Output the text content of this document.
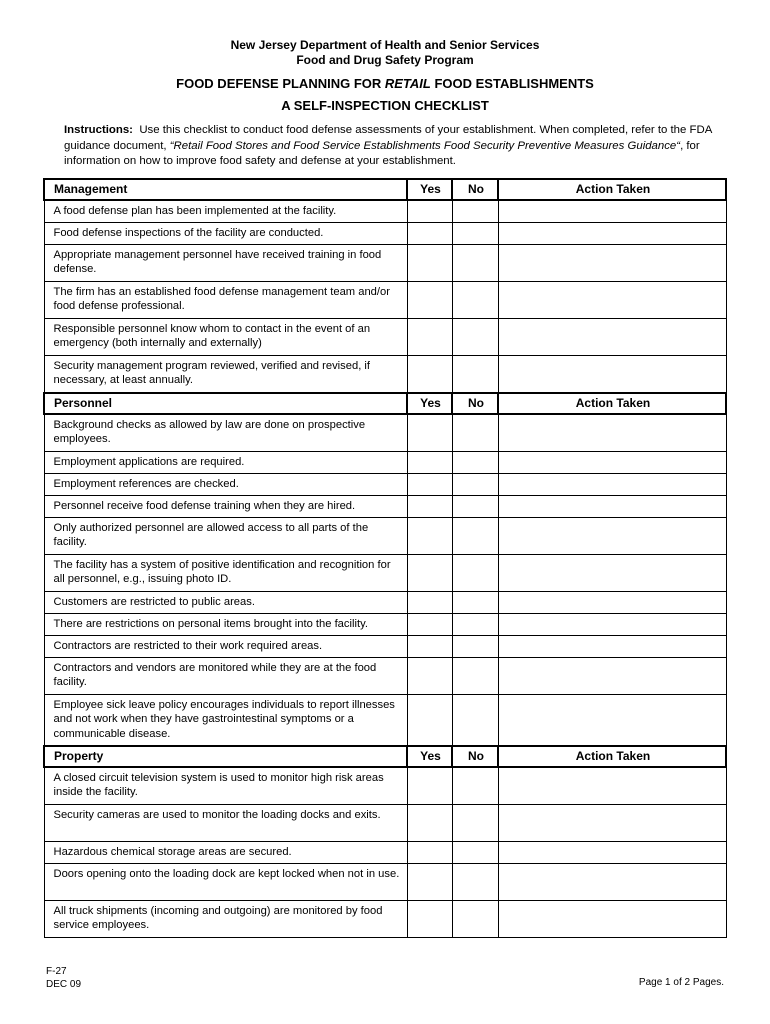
New Jersey Department of Health and Senior Services
Food and Drug Safety Program
FOOD DEFENSE PLANNING FOR RETAIL FOOD ESTABLISHMENTS
A SELF-INSPECTION CHECKLIST
Instructions: Use this checklist to conduct food defense assessments of your establishment. When completed, refer to the FDA guidance document, “Retail Food Stores and Food Service Establishments Food Security Preventive Measures Guidance“, for information on how to improve food safety and defense at your establishment.
Management	Yes	No	Action Taken
A food defense plan has been implemented at the facility.			
Food defense inspections of the facility are conducted.			
Appropriate management personnel have received training in food defense.			
The firm has an established food defense management team and/or food defense professional.			
Responsible personnel know whom to contact in the event of an emergency (both internally and externally)			
Security management program reviewed, verified and revised, if necessary, at least annually.			
Personnel	Yes	No	Action Taken
Background checks as allowed by law are done on prospective employees.			
Employment applications are required.			
Employment references are checked.			
Personnel receive food defense training when they are hired.			
Only authorized personnel are allowed access to all parts of the facility.			
The facility has a system of positive identification and recognition for all personnel, e.g., issuing photo ID.			
Customers are restricted to public areas.			
There are restrictions on personal items brought into the facility.			
Contractors are restricted to their work required areas.			
Contractors and vendors are monitored while they are at the food facility.			
Employee sick leave policy encourages individuals to report illnesses and not work when they have gastrointestinal symptoms or a communicable disease.			
Property	Yes	No	Action Taken
A closed circuit television system is used to monitor high risk areas inside the facility.			
Security cameras are used to monitor the loading docks and exits.			
Hazardous chemical storage areas are secured.			
Doors opening onto the loading dock are kept locked when not in use.			
All truck shipments (incoming and outgoing) are monitored by food service employees.			
F-27
DEC 09	Page 1 of 2 Pages.
